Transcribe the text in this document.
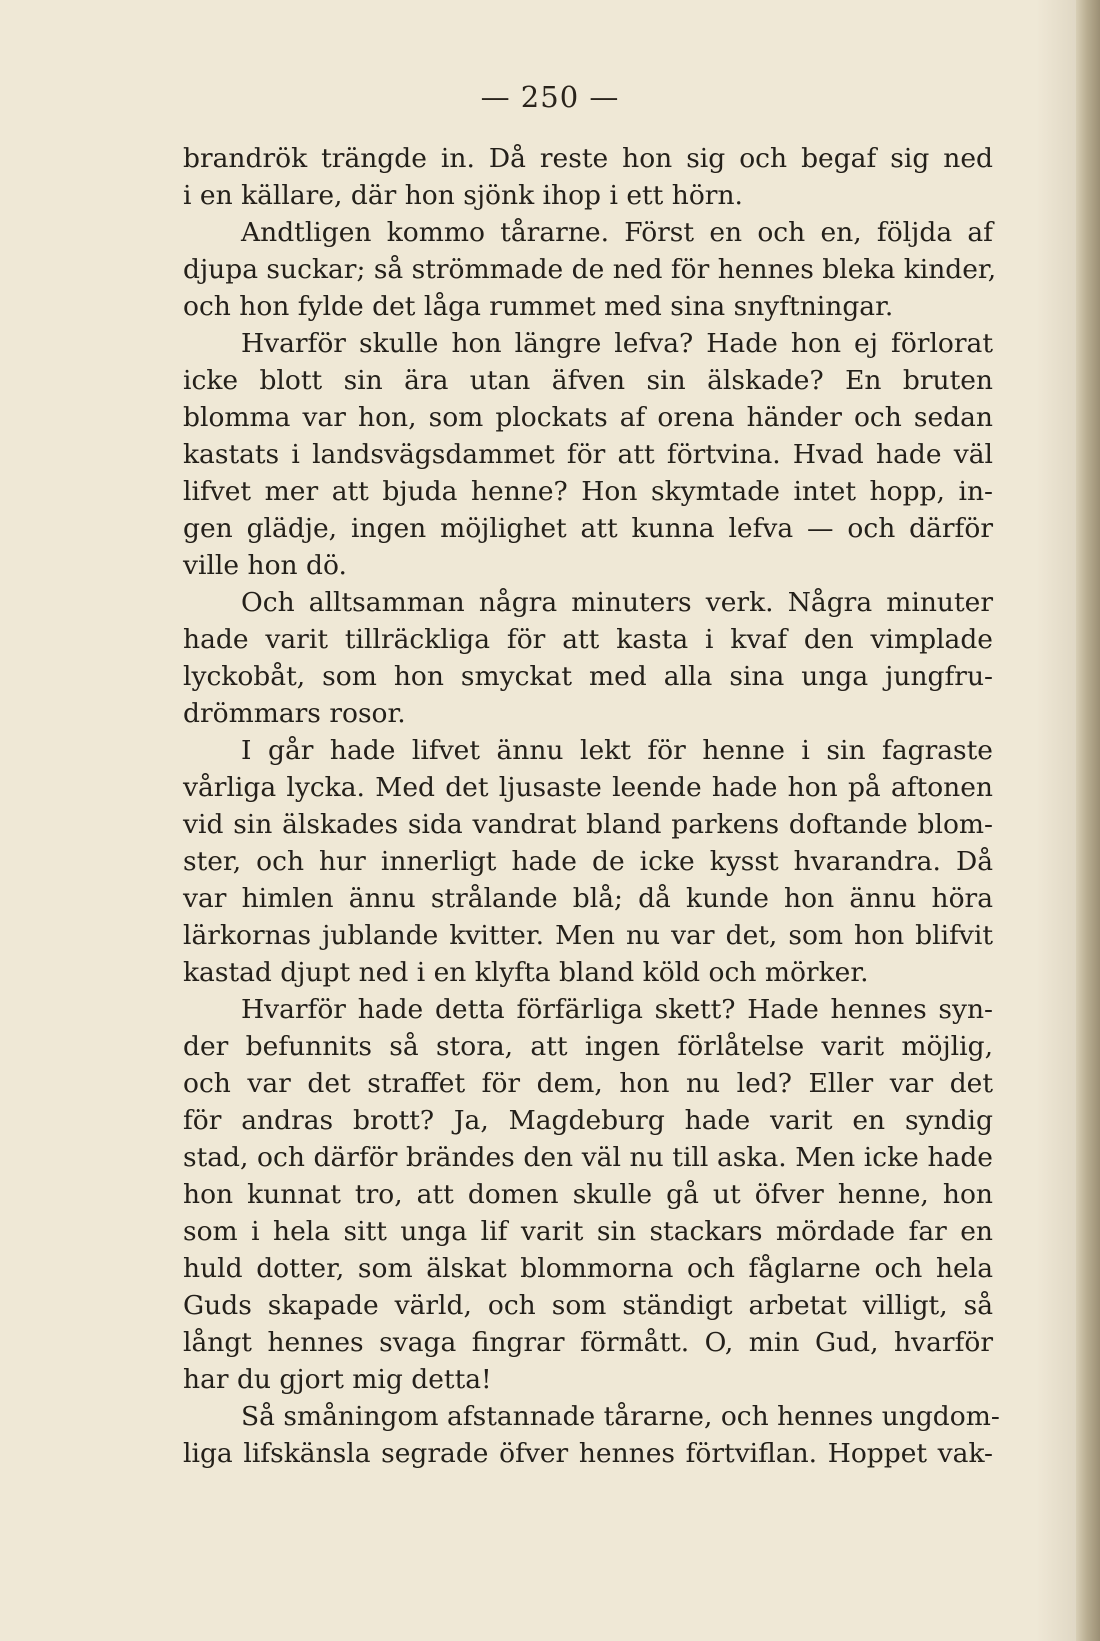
— 250 —

brandrök trängde in. Då reste hon sig och begaf sig ned
i en källare, där hon sjönk ihop i ett hörn.

Andtligen kommo tårarne. Först en och en, följda af
djupa suckar; så strömmade de ned för hennes bleka kinder,
och hon fylde det låga rummet med sina snyftningar.

Hvarför skulle hon längre lefva? Hade hon ej förlorat
icke blott sin ära utan äfven sin älskade? En bruten
blomma var hon, som plockats af orena händer och sedan
kastats i landsvägsdammet för att förtvina. Hvad hade väl
lifvet mer att bjuda henne? Hon skymtade intet hopp, in-
gen glädje, ingen möjlighet att kunna lefva — och därför
ville hon dö.

Och alltsamman några minuters verk. Några minuter
hade varit tillräckliga för att kasta i kvaf den vimplade
lyckobåt, som hon smyckat med alla sina unga jungfru-
drömmars rosor.

I går hade lifvet ännu lekt för henne i sin fagraste
vårliga lycka. Med det ljusaste leende hade hon på aftonen
vid sin älskades sida vandrat bland parkens doftande blom-
ster, och hur innerligt hade de icke kysst hvarandra. Då
var himlen ännu strålande blå; då kunde hon ännu höra
lärkornas jublande kvitter. Men nu var det, som hon blifvit
kastad djupt ned i en klyfta bland köld och mörker.

Hvarför hade detta förfärliga skett? Hade hennes syn-
der befunnits så stora, att ingen förlåtelse varit möjlig,
och var det straffet för dem, hon nu led? Eller var det
för andras brott? Ja, Magdeburg hade varit en syndig
stad, och därför brändes den väl nu till aska. Men icke hade
hon kunnat tro, att domen skulle gå ut öfver henne, hon
som i hela sitt unga lif varit sin stackars mördade far en
huld dotter, som älskat blommorna och fåglarne och hela
Guds skapade värld, och som ständigt arbetat villigt, så
långt hennes svaga fingrar förmått. O, min Gud, hvarför
har du gjort mig detta!

Så småningom afstannade tårarne, och hennes ungdom-
liga lifskänsla segrade öfver hennes förtviflan. Hoppet vak-
